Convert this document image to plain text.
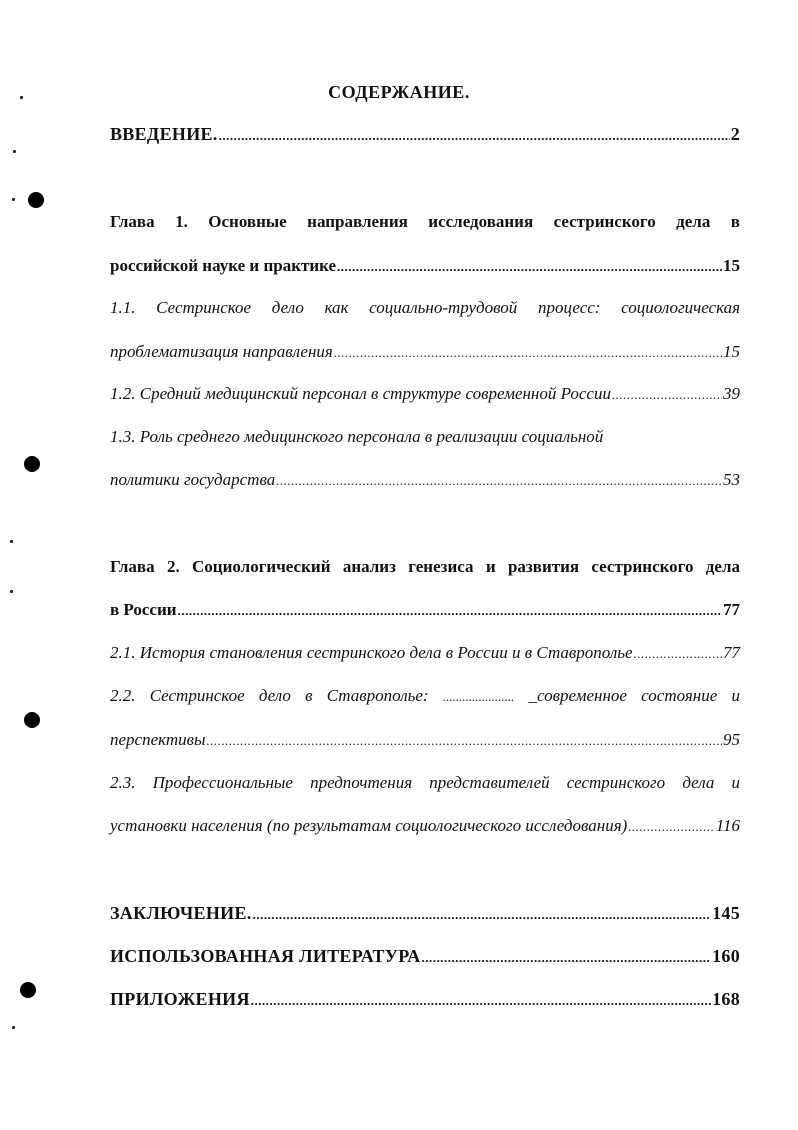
СОДЕРЖАНИЕ.
ВВЕДЕНИЕ. .....	2
Глава 1. Основные направления исследования сестринского дела в
российской науке и практике .....	15
1.1. Сестринское дело как социально-трудовой процесс: социологическая
проблематизация направления .....	15
1.2. Средний медицинский персонал в структуре современной России .....	39
1.3. Роль среднего медицинского персонала в реализации социальной
политики государства .....	53
Глава 2. Социологический анализ генезиса и развития сестринского дела
в России .....	77
2.1. История становления сестринского дела в России и в Ставрополье .....	77
2.2. Сестринское дело в Ставрополье: ...................... _современное состояние и
перспективы .....	95
2.3. Профессиональные предпочтения представителей сестринского дела и
установки населения (по результатам социологического исследования) .....	116
ЗАКЛЮЧЕНИЕ. .....	145
ИСПОЛЬЗОВАННАЯ ЛИТЕРАТУРА .....	160
ПРИЛОЖЕНИЯ .....	168
